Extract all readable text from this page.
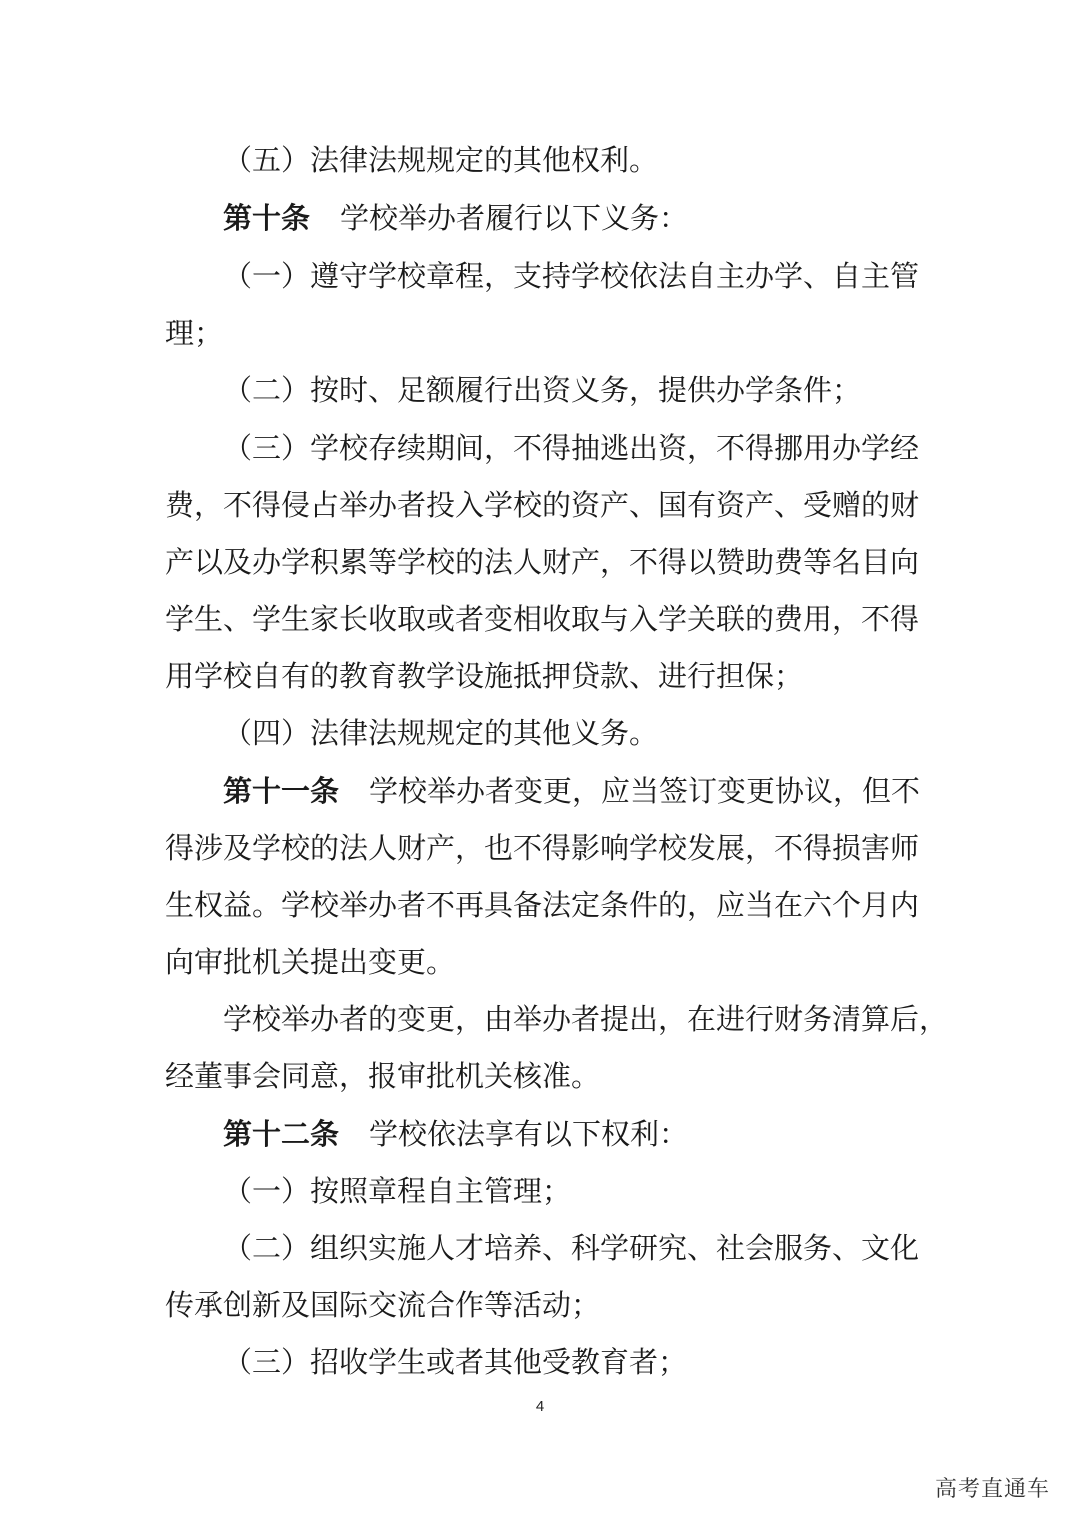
（五）法律法规规定的其他权利。
第十条 学校举办者履行以下义务：
（一）遵守学校章程，支持学校依法自主办学、自主管
理；
（二）按时、足额履行出资义务，提供办学条件；
（三）学校存续期间，不得抽逃出资，不得挪用办学经
费，不得侵占举办者投入学校的资产、国有资产、受赠的财
产以及办学积累等学校的法人财产，不得以赞助费等名目向
学生、学生家长收取或者变相收取与入学关联的费用，不得
用学校自有的教育教学设施抵押贷款、进行担保；
（四）法律法规规定的其他义务。
第十一条 学校举办者变更，应当签订变更协议，但不
得涉及学校的法人财产，也不得影响学校发展，不得损害师
生权益。学校举办者不再具备法定条件的，应当在六个月内
向审批机关提出变更。
学校举办者的变更，由举办者提出，在进行财务清算后，
经董事会同意，报审批机关核准。
第十二条 学校依法享有以下权利：
（一）按照章程自主管理；
（二）组织实施人才培养、科学研究、社会服务、文化
传承创新及国际交流合作等活动；
（三）招收学生或者其他受教育者；
4
高考直通车
